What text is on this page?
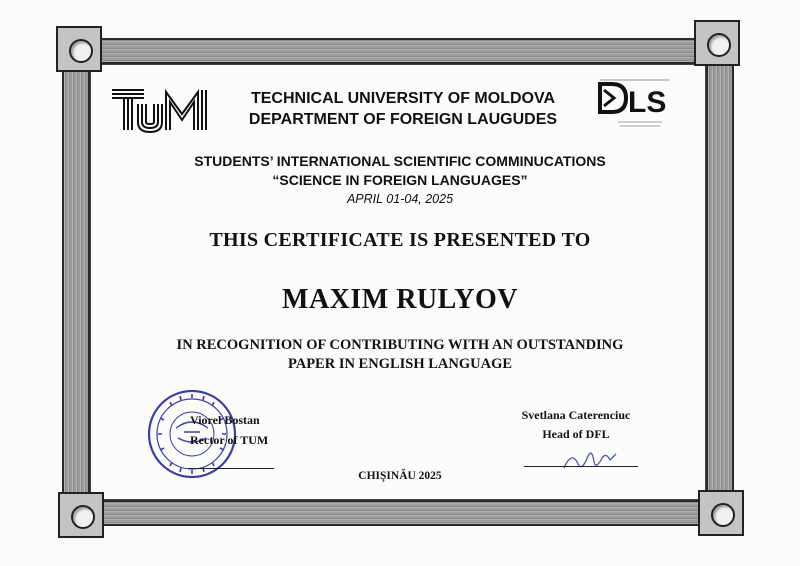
TECHNICAL UNIVERSITY OF MOLDOVA
DEPARTMENT OF FOREIGN LAUGUDES
LS
STUDENTS’ INTERNATIONAL SCIENTIFIC COMMINUCATIONS
“SCIENCE IN FOREIGN LANGUAGES”
APRIL 01-04, 2025
THIS CERTIFICATE IS PRESENTED TO
MAXIM RULYOV
IN RECOGNITION OF CONTRIBUTING WITH AN OUTSTANDING
PAPER IN ENGLISH LANGUAGE
Viorel Bostan
Rector of TUM
Svetlana Caterenciuc
Head of DFL
CHIŞINĂU 2025
